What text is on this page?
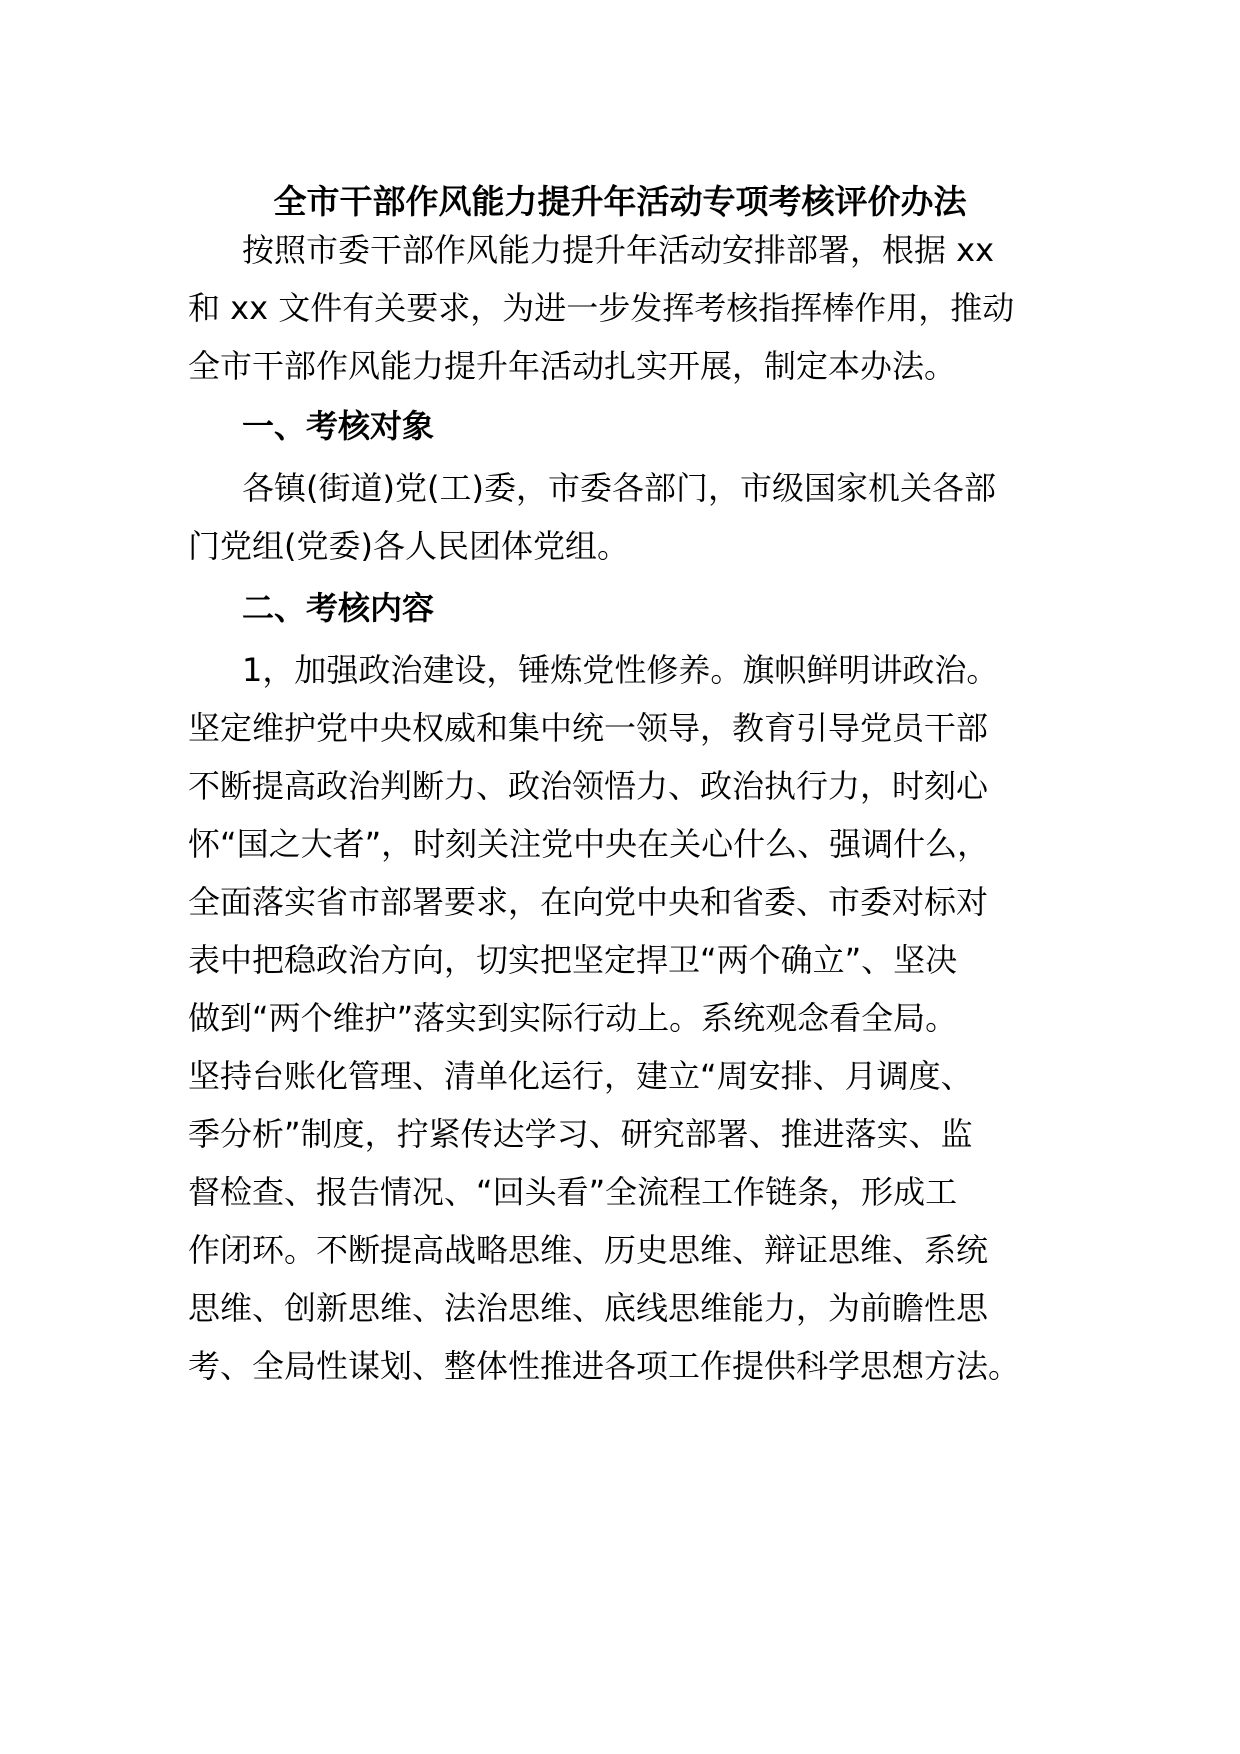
全市干部作风能力提升年活动专项考核评价办法

按照市委干部作风能力提升年活动安排部署，根据 xx

和 xx 文件有关要求，为进一步发挥考核指挥棒作用，推动

全市干部作风能力提升年活动扎实开展，制定本办法。

一、考核对象

各镇(街道)党(工)委，市委各部门，市级国家机关各部

门党组(党委)各人民团体党组。

二、考核内容

1，加强政治建设，锤炼党性修养。旗帜鲜明讲政治。

坚定维护党中央权威和集中统一领导，教育引导党员干部

不断提高政治判断力、政治领悟力、政治执行力，时刻心

怀“国之大者”，时刻关注党中央在关心什么、强调什么，

全面落实省市部署要求，在向党中央和省委、市委对标对

表中把稳政治方向，切实把坚定捍卫“两个确立”、坚决

做到“两个维护”落实到实际行动上。系统观念看全局。

坚持台账化管理、清单化运行，建立“周安排、月调度、

季分析”制度，拧紧传达学习、研究部署、推进落实、监

督检查、报告情况、“回头看”全流程工作链条，形成工

作闭环。不断提高战略思维、历史思维、辩证思维、系统

思维、创新思维、法治思维、底线思维能力，为前瞻性思

考、全局性谋划、整体性推进各项工作提供科学思想方法。
